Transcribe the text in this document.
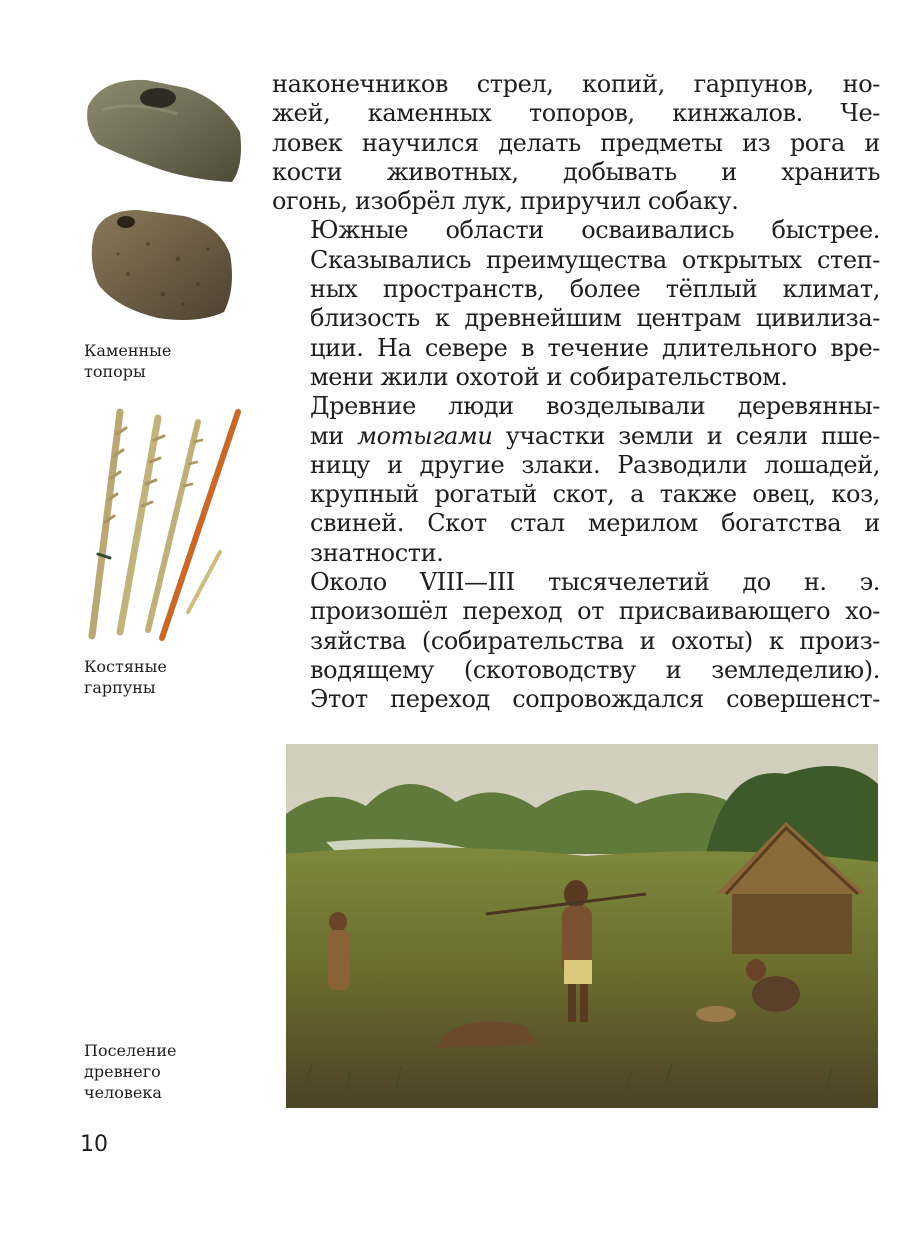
Каменные
топоры
Костяные
гарпуны
наконечников стрел, копий, гарпунов, но-
жей, каменных топоров, кинжалов. Че-
ловек научился делать предметы из рога и
кости животных, добывать и хранить
огонь, изобрёл лук, приручил собаку.
Южные области осваивались быстрее.
Сказывались преимущества открытых степ-
ных пространств, более тёплый климат,
близость к древнейшим центрам цивилиза-
ции. На севере в течение длительного вре-
мени жили охотой и собирательством.
Древние люди возделывали деревянны-
ми мотыгами участки земли и сеяли пше-
ницу и другие злаки. Разводили лошадей,
крупный рогатый скот, а также овец, коз,
свиней. Скот стал мерилом богатства и
знатности.
Около VIII—III тысячелетий до н. э.
произошёл переход от присваивающего хо-
зяйства (собирательства и охоты) к произ-
водящему (скотоводству и земледелию).
Этот переход сопровождался совершенст-
Поселение
древнего
человека
10
